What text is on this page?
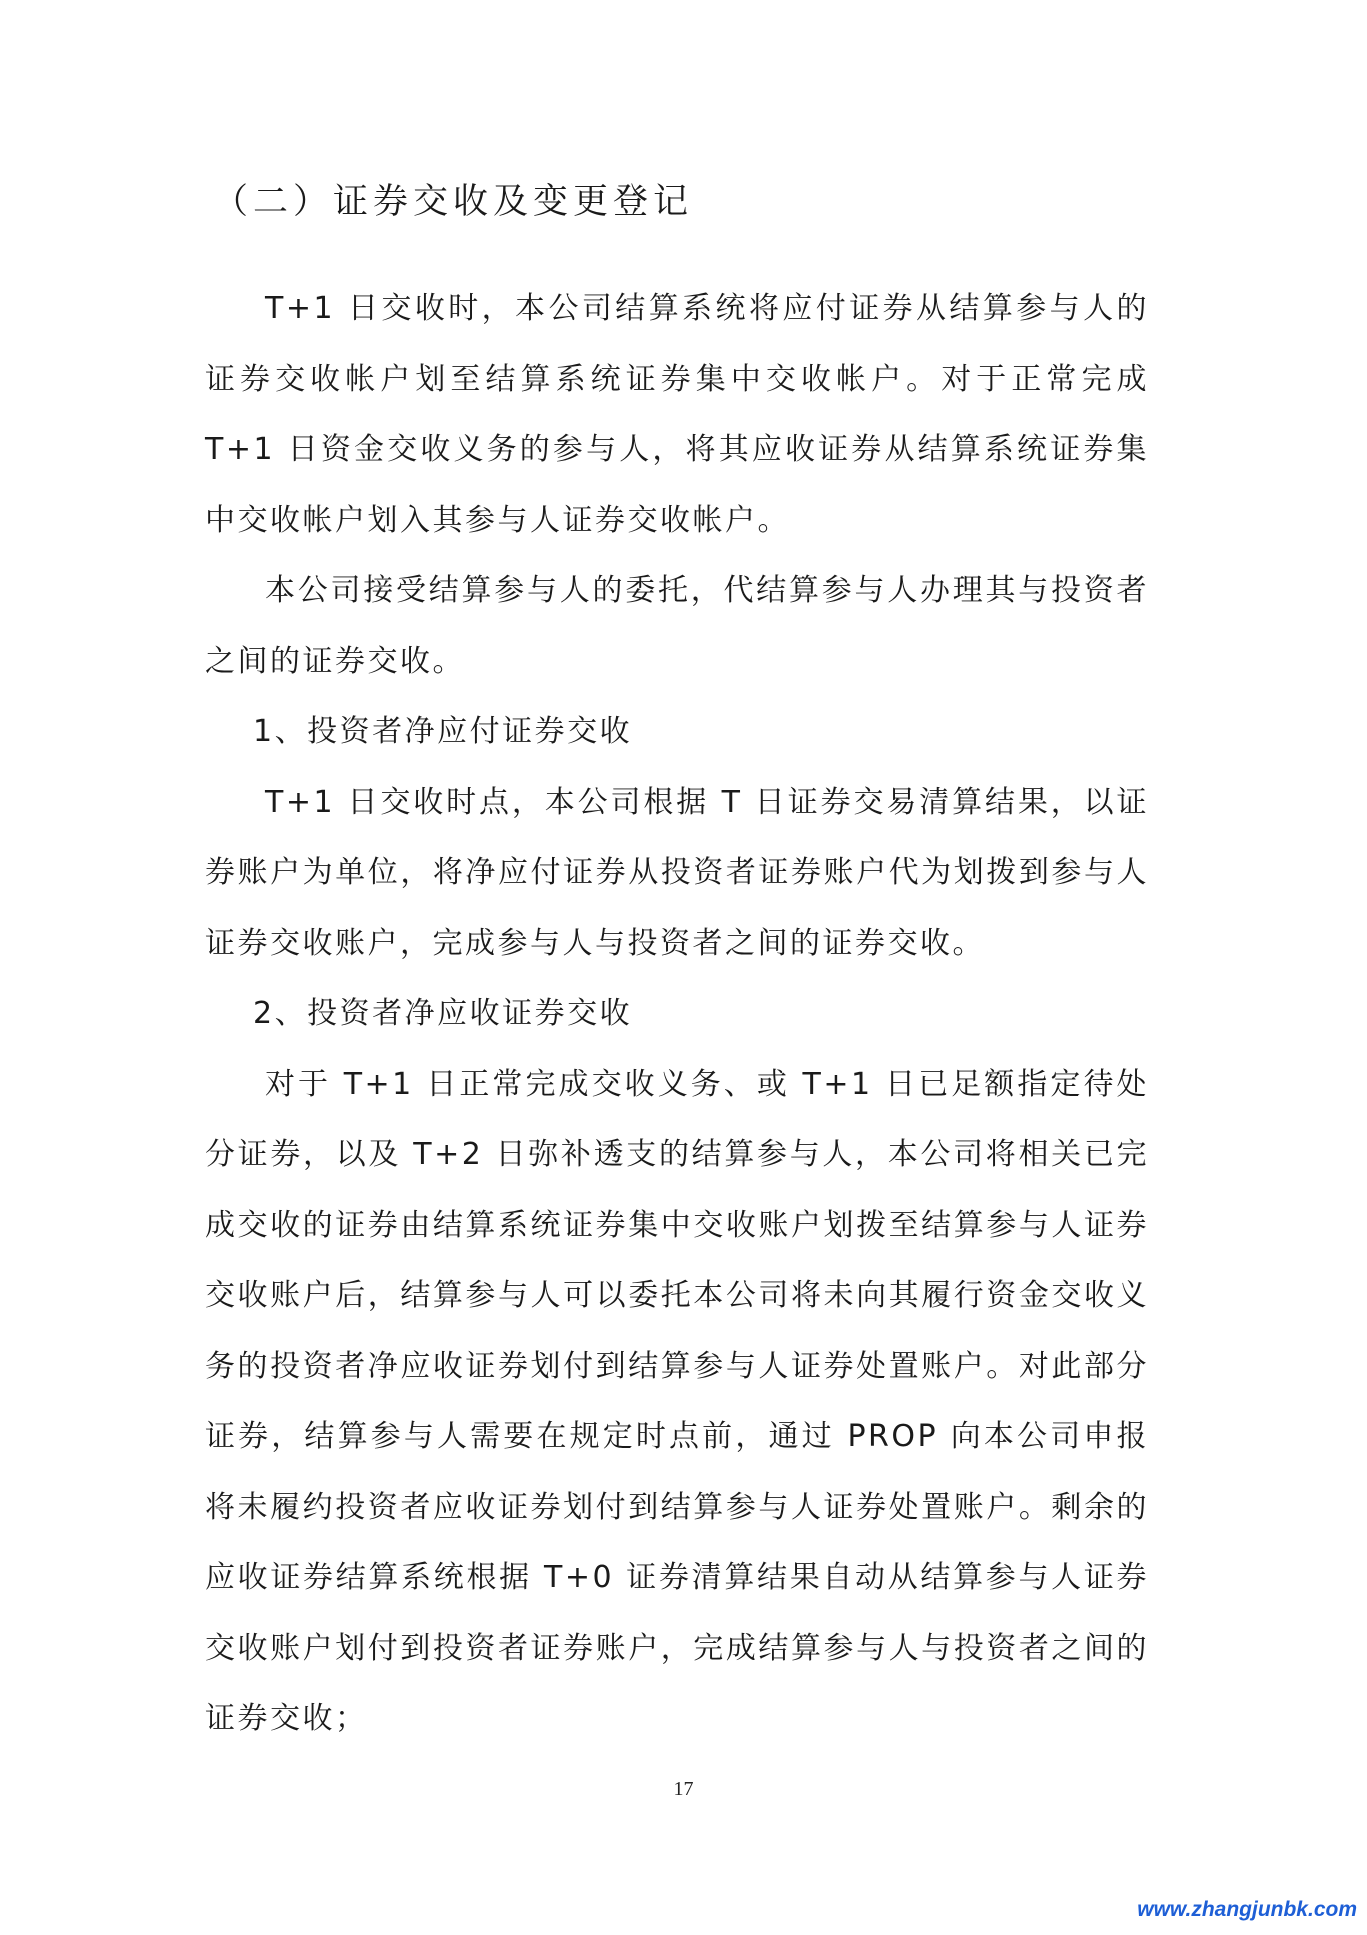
（二）证券交收及变更登记

T+1 日交收时，本公司结算系统将应付证券从结算参与人的证券交收帐户划至结算系统证券集中交收帐户。对于正常完成 T+1 日资金交收义务的参与人，将其应收证券从结算系统证券集中交收帐户划入其参与人证券交收帐户。

本公司接受结算参与人的委托，代结算参与人办理其与投资者之间的证券交收。

1、投资者净应付证券交收

T+1 日交收时点，本公司根据 T 日证券交易清算结果，以证券账户为单位，将净应付证券从投资者证券账户代为划拨到参与人证券交收账户，完成参与人与投资者之间的证券交收。

2、投资者净应收证券交收

对于 T+1 日正常完成交收义务、或 T+1 日已足额指定待处分证券，以及 T+2 日弥补透支的结算参与人，本公司将相关已完成交收的证券由结算系统证券集中交收账户划拨至结算参与人证券交收账户后，结算参与人可以委托本公司将未向其履行资金交收义务的投资者净应收证券划付到结算参与人证券处置账户。对此部分证券，结算参与人需要在规定时点前，通过 PROP 向本公司申报将未履约投资者应收证券划付到结算参与人证券处置账户。剩余的应收证券结算系统根据 T+0 证券清算结果自动从结算参与人证券交收账户划付到投资者证券账户，完成结算参与人与投资者之间的证券交收；

17
www.zhangjunbk.com
